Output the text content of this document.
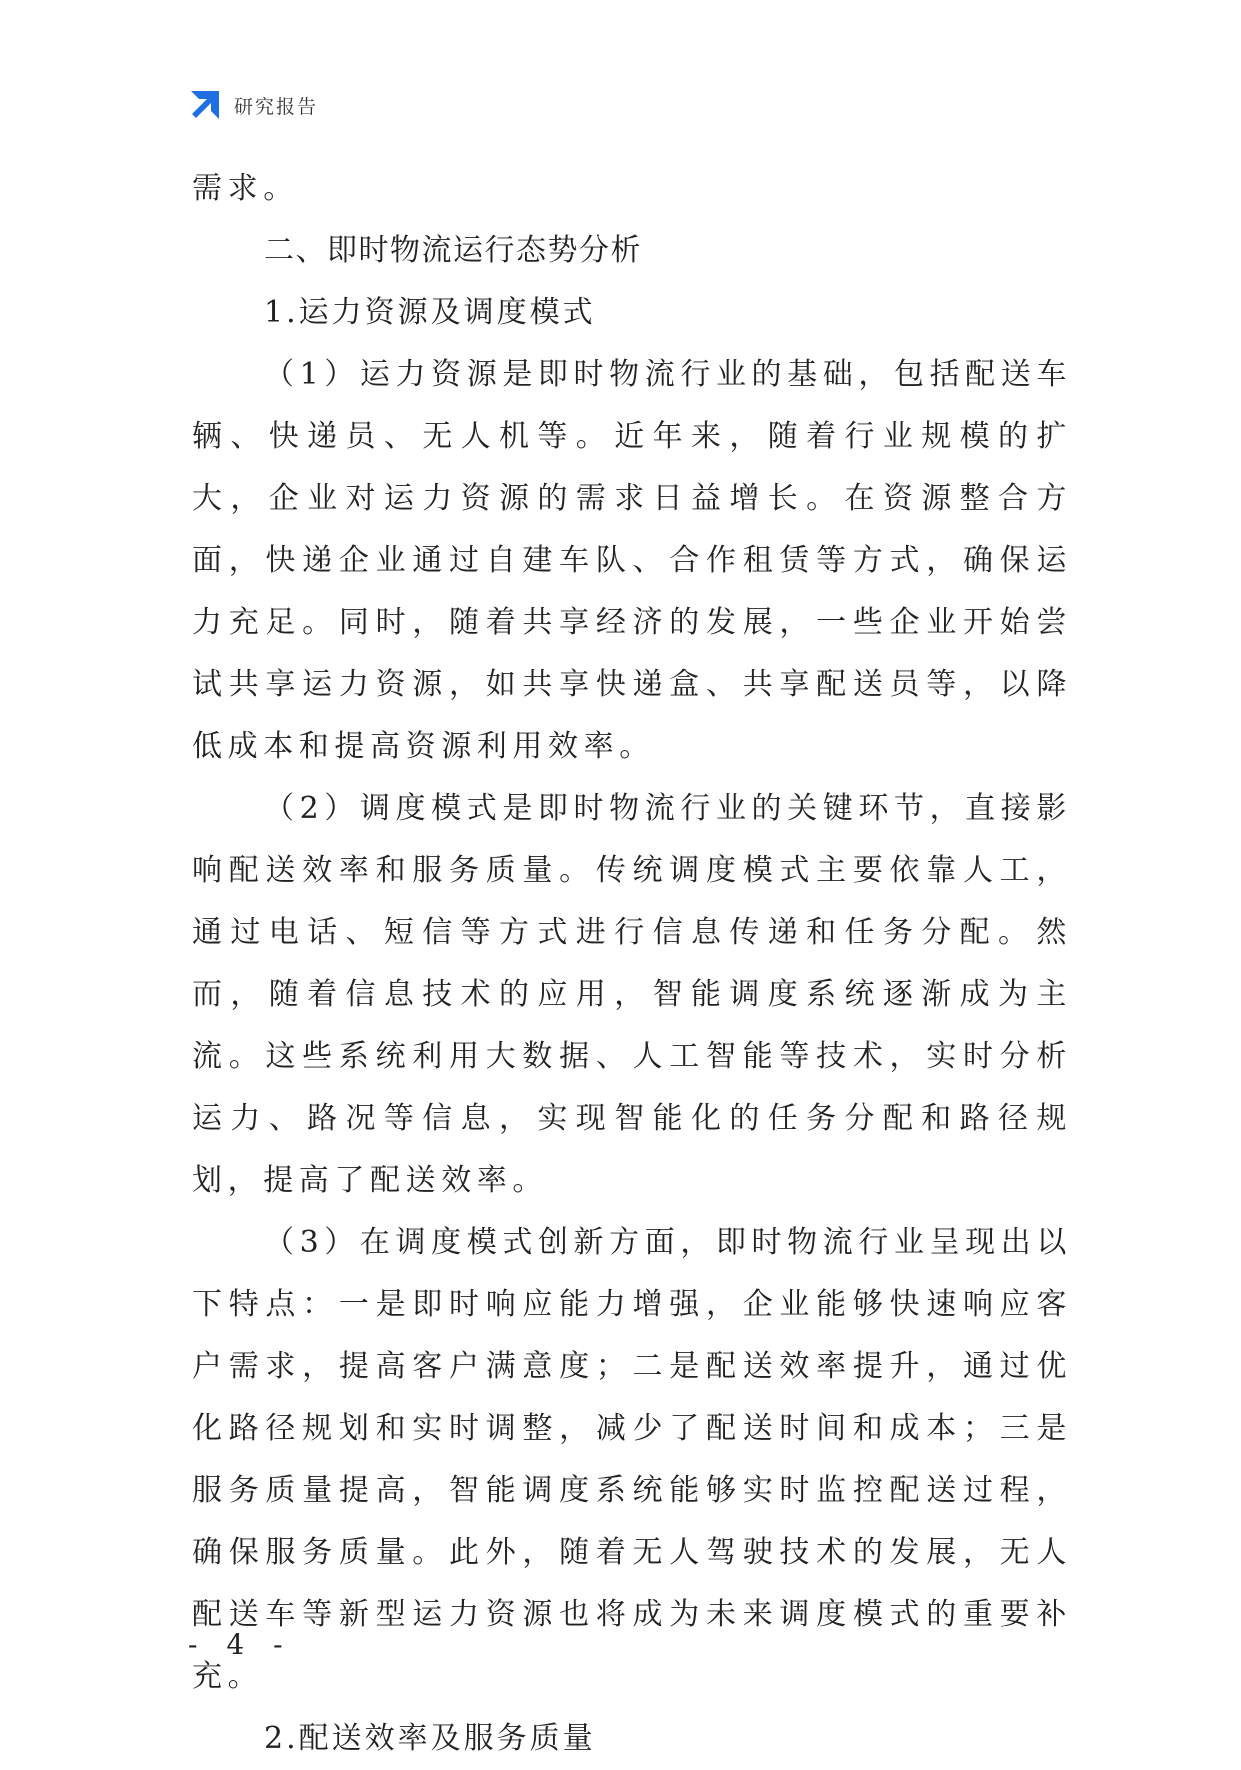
研究报告

需求。

二、即时物流运行态势分析

1.运力资源及调度模式

（1）运力资源是即时物流行业的基础，包括配送车辆、快递员、无人机等。近年来，随着行业规模的扩大，企业对运力资源的需求日益增长。在资源整合方面，快递企业通过自建车队、合作租赁等方式，确保运力充足。同时，随着共享经济的发展，一些企业开始尝试共享运力资源，如共享快递盒、共享配送员等，以降低成本和提高资源利用效率。

（2）调度模式是即时物流行业的关键环节，直接影响配送效率和服务质量。传统调度模式主要依靠人工，通过电话、短信等方式进行信息传递和任务分配。然而，随着信息技术的应用，智能调度系统逐渐成为主流。这些系统利用大数据、人工智能等技术，实时分析运力、路况等信息，实现智能化的任务分配和路径规划，提高了配送效率。

（3）在调度模式创新方面，即时物流行业呈现出以下特点：一是即时响应能力增强，企业能够快速响应客户需求，提高客户满意度；二是配送效率提升，通过优化路径规划和实时调整，减少了配送时间和成本；三是服务质量提高，智能调度系统能够实时监控配送过程，确保服务质量。此外，随着无人驾驶技术的发展，无人配送车等新型运力资源也将成为未来调度模式的重要补充。

2.配送效率及服务质量

- 4 -
